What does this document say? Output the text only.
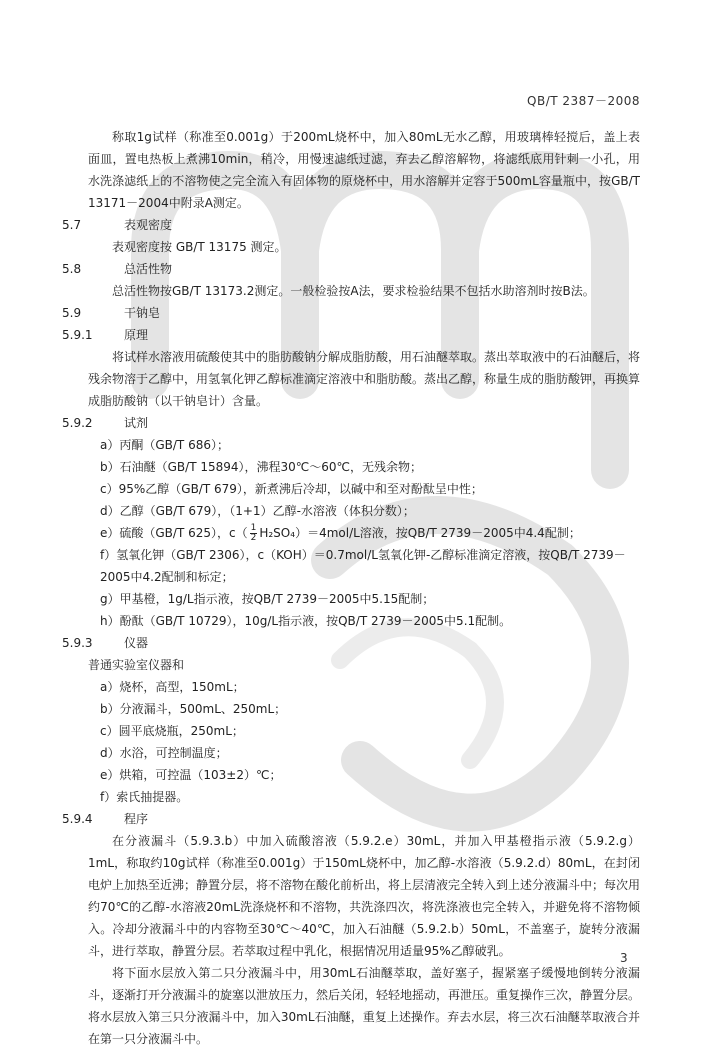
QB/T 2387－2008

称取1g试样（称准至0.001g）于200mL烧杯中，加入80mL无水乙醇，用玻璃棒轻搅后，盖上表面皿，置电热板上煮沸10min，稍冷，用慢速滤纸过滤，弃去乙醇溶解物，将滤纸底用针刺一小孔，用水洗涤滤纸上的不溶物使之完全流入有固体物的原烧杯中，用水溶解并定容于500mL容量瓶中，按GB/T 13171－2004中附录A测定。

5.7	表观密度

表观密度按 GB/T 13175 测定。

5.8	总活性物

总活性物按GB/T 13173.2测定。一般检验按A法，要求检验结果不包括水助溶剂时按B法。

5.9	干钠皂

5.9.1	原理

将试样水溶液用硫酸使其中的脂肪酸钠分解成脂肪酸，用石油醚萃取。蒸出萃取液中的石油醚后，将残余物溶于乙醇中，用氢氧化钾乙醇标准滴定溶液中和脂肪酸。蒸出乙醇，称量生成的脂肪酸钾，再换算成脂肪酸钠（以干钠皂计）含量。

5.9.2	试剂

a）丙酮（GB/T 686）；

b）石油醚（GB/T 15894），沸程30℃～60℃，无残余物；

c）95%乙醇（GB/T 679），新煮沸后冷却，以碱中和至对酚酞呈中性；

d）乙醇（GB/T 679），（1+1）乙醇-水溶液（体积分数）；

e）硫酸（GB/T 625），$c( \frac{1}{2} H_2SO_4)=4mol/L$溶液，按QB/T 2739－2005中4.4配制；

f）氢氧化钾（GB/T 2306），c（KOH）＝0.7mol/L氢氧化钾-乙醇标准滴定溶液，按QB/T 2739－2005中4.2配制和标定；

g）甲基橙，1g/L指示液，按QB/T 2739－2005中5.15配制；

h）酚酞（GB/T 10729），10g/L指示液，按QB/T 2739－2005中5.1配制。

5.9.3	仪器

普通实验室仪器和

a）烧杯，高型，150mL；

b）分液漏斗，500mL、250mL；

c）圆平底烧瓶，250mL；

d）水浴，可控制温度；

e）烘箱，可控温（103±2）℃；

f）索氏抽提器。

5.9.4	程序

在分液漏斗（5.9.3.b）中加入硫酸溶液（5.9.2.e）30mL，并加入甲基橙指示液（5.9.2.g）1mL，称取约10g试样（称准至0.001g）于150mL烧杯中，加乙醇-水溶液（5.9.2.d）80mL，在封闭电炉上加热至近沸；静置分层，将不溶物在酸化前析出，将上层清液完全转入到上述分液漏斗中；每次用约70℃的乙醇-水溶液20mL洗涤烧杯和不溶物，共洗涤四次，将洗涤液也完全转入，并避免将不溶物倾入。冷却分液漏斗中的内容物至30℃～40℃，加入石油醚（5.9.2.b）50mL，不盖塞子，旋转分液漏斗，进行萃取，静置分层。若萃取过程中乳化，根据情况用适量95%乙醇破乳。

将下面水层放入第二只分液漏斗中，用30mL石油醚萃取，盖好塞子，握紧塞子缓慢地倒转分液漏斗，逐渐打开分液漏斗的旋塞以泄放压力，然后关闭，轻轻地摇动，再泄压。重复操作三次，静置分层。将水层放入第三只分液漏斗中，加入30mL石油醚，重复上述操作。弃去水层，将三次石油醚萃取液合并在第一只分液漏斗中。

3
